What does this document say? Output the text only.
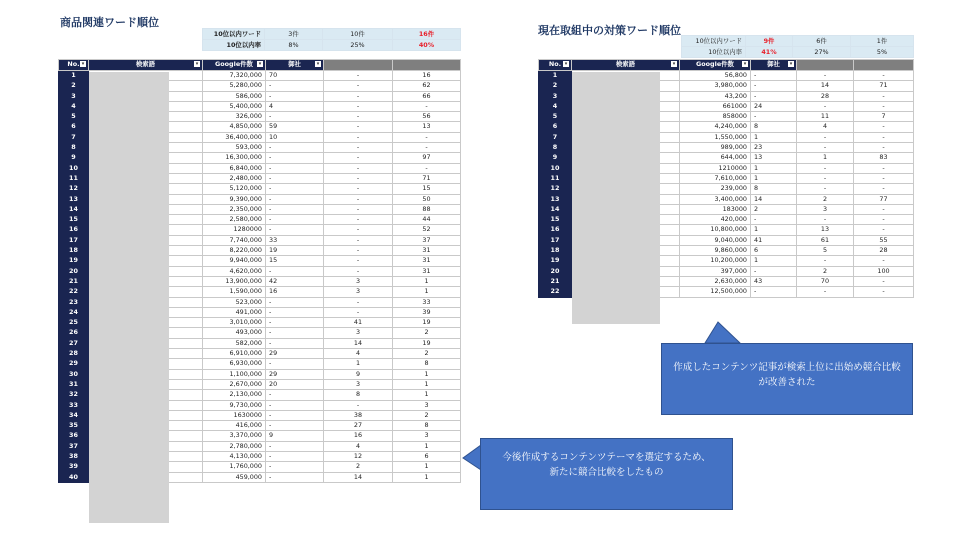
商品関連ワード順位
10位以内ワード	3件	10件	16件
10位以内率	8%	25%	40%
No. ▾	検索語 ▾	Google件数 ▾	御社 ▾		

1		7,320,000	70	-	16
2		5,280,000	-	-	62
3		586,000	-	-	66
4		5,400,000	4	-	-
5		326,000	-	-	56
6		4,850,000	59	-	13
7		36,400,000	10	-	-
8		593,000	-	-	-
9		16,300,000	-	-	97
10		6,840,000	-	-	-
11		2,480,000	-	-	71
12		5,120,000	-	-	15
13		9,390,000	-	-	50
14		2,350,000	-	-	88
15		2,580,000	-	-	44
16		1280000	-	-	52
17		7,740,000	33	-	37
18		8,220,000	19	-	31
19		9,940,000	15	-	31
20		4,620,000	-	-	31
21		13,900,000	42	3	1
22		1,590,000	16	3	1
23		523,000	-	-	33
24		491,000	-	-	39
25		3,010,000	-	41	19
26		493,000	-	3	2
27		582,000	-	14	19
28		6,910,000	29	4	2
29		6,930,000	-	1	8
30		1,100,000	29	9	1
31		2,670,000	20	3	1
32		2,130,000	-	8	1
33		9,730,000	-	-	3
34		1630000	-	38	2
35		416,000	-	27	8
36		3,370,000	9	16	3
37		2,780,000	-	4	1
38		4,130,000	-	12	6
39		1,760,000	-	2	1
40		459,000	-	14	1
現在取組中の対策ワード順位
10位以内ワード	9件	6件	1件
10位以内率	41%	27%	5%
No. ▾	検索語 ▾	Google件数 ▾	御社 ▾		

1		56,800	-	-	-
2		3,980,000	-	14	71
3		43,200	-	28	-
4		661000	24	-	-
5		858000	-	11	7
6		4,240,000	8	4	-
7		1,550,000	1	-	-
8		989,000	23	-	-
9		644,000	13	1	83
10		1210000	1	-	-
11		7,610,000	1	-	-
12		239,000	8	-	-
13		3,400,000	14	2	77
14		183000	2	3	-
15		420,000	-	-	-
16		10,800,000	1	13	-
17		9,040,000	41	61	55
18		9,860,000	6	5	28
19		10,200,000	1	-	-
20		397,000	-	2	100
21		2,630,000	43	70	-
22		12,500,000	-	-	-
作成したコンテンツ記事が検索上位に出始め競合比較が改善された
今後作成するコンテンツテーマを選定するため、新たに競合比較をしたもの
